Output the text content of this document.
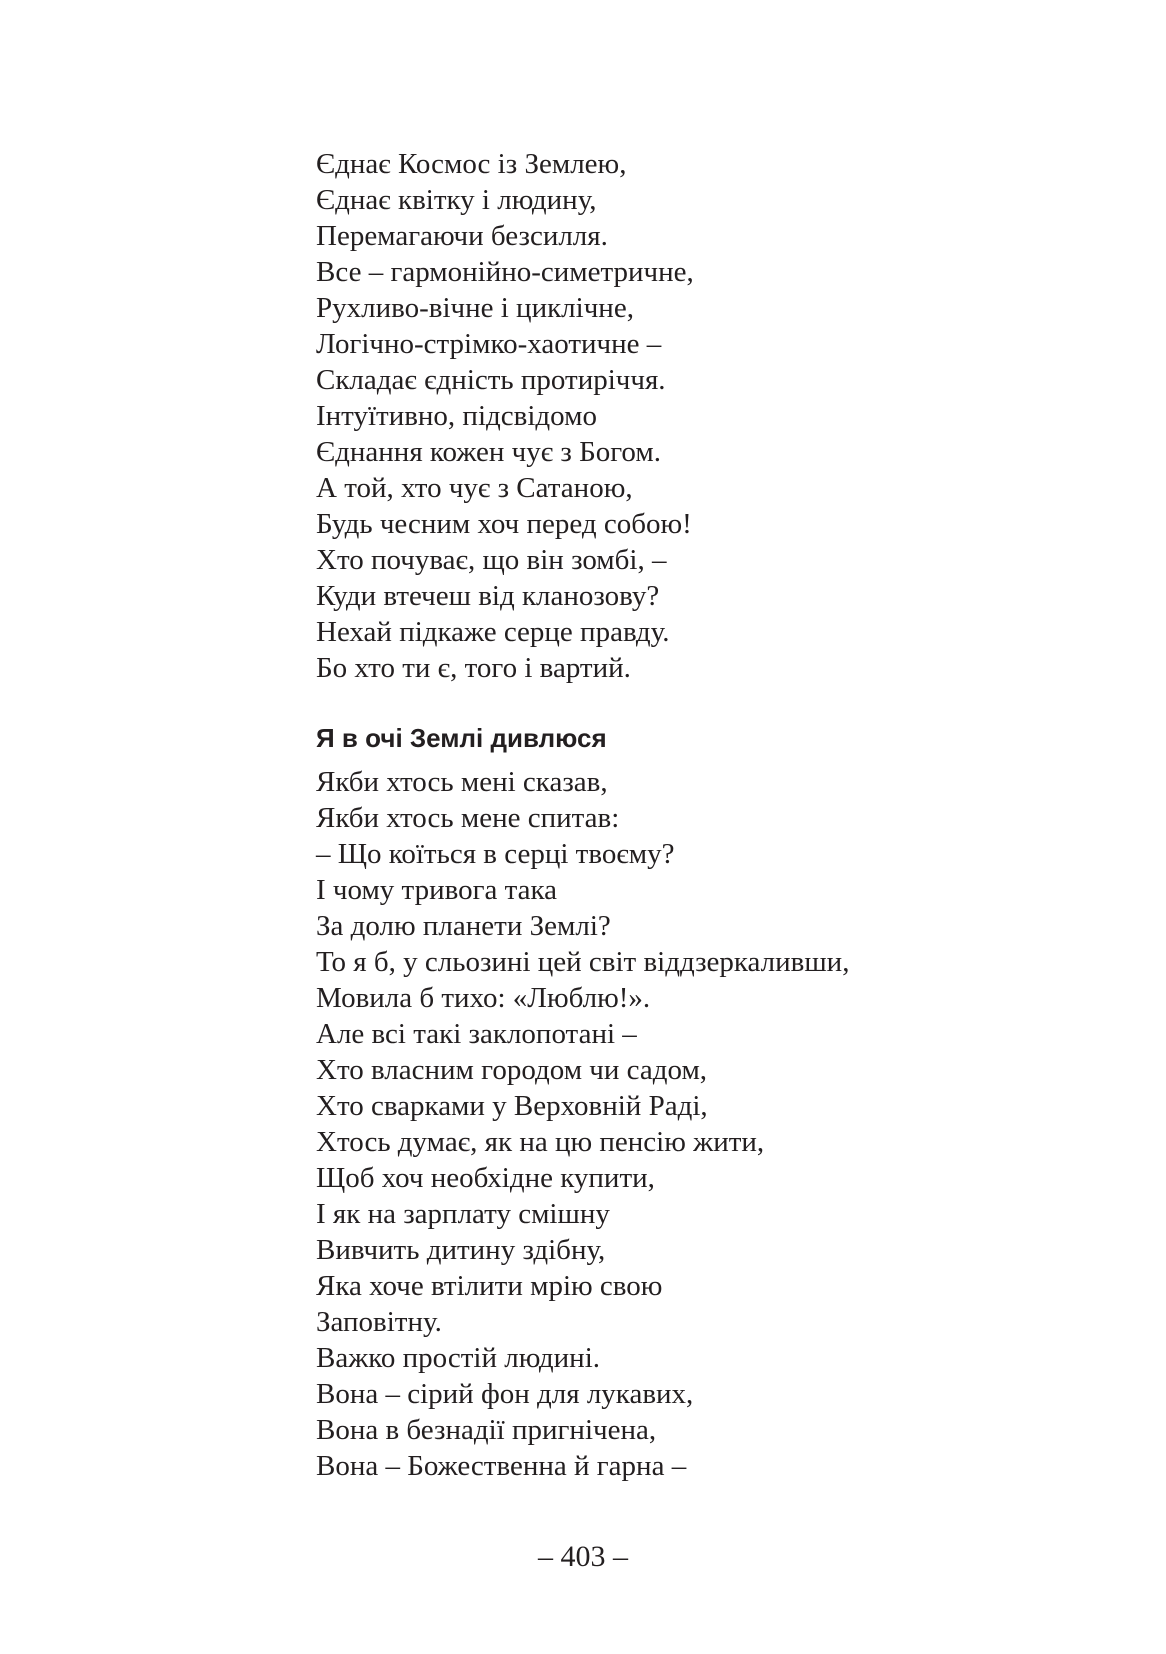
Єднає Космос із Землею,
Єднає квітку і людину,
Перемагаючи безсилля.
Все – гармонійно-симетричне,
Рухливо-вічне і циклічне,
Логічно-стрімко-хаотичне –
Складає єдність протиріччя.
Інтуїтивно, підсвідомо
Єднання кожен чує з Богом.
А той, хто чує з Сатаною,
Будь чесним хоч перед собою!
Хто почуває, що він зомбі, –
Куди втечеш від кланозову?
Нехай підкаже серце правду.
Бо хто ти є, того і вартий.
Я в очі Землі дивлюся
Якби хтось мені сказав,
Якби хтось мене спитав:
– Що коїться в серці твоєму?
І чому тривога така
За долю планети Землі?
То я б, у сльозині цей світ віддзеркаливши,
Мовила б тихо: «Люблю!».
Але всі такі заклопотані –
Хто власним городом чи садом,
Хто сварками у Верховній Раді,
Хтось думає, як на цю пенсію жити,
Щоб хоч необхідне купити,
І як на зарплату смішну
Вивчить дитину здібну,
Яка хоче втілити мрію свою
Заповітну.
Важко простій людині.
Вона – сірий фон для лукавих,
Вона в безнадії пригнічена,
Вона – Божественна й гарна –
– 403 –
